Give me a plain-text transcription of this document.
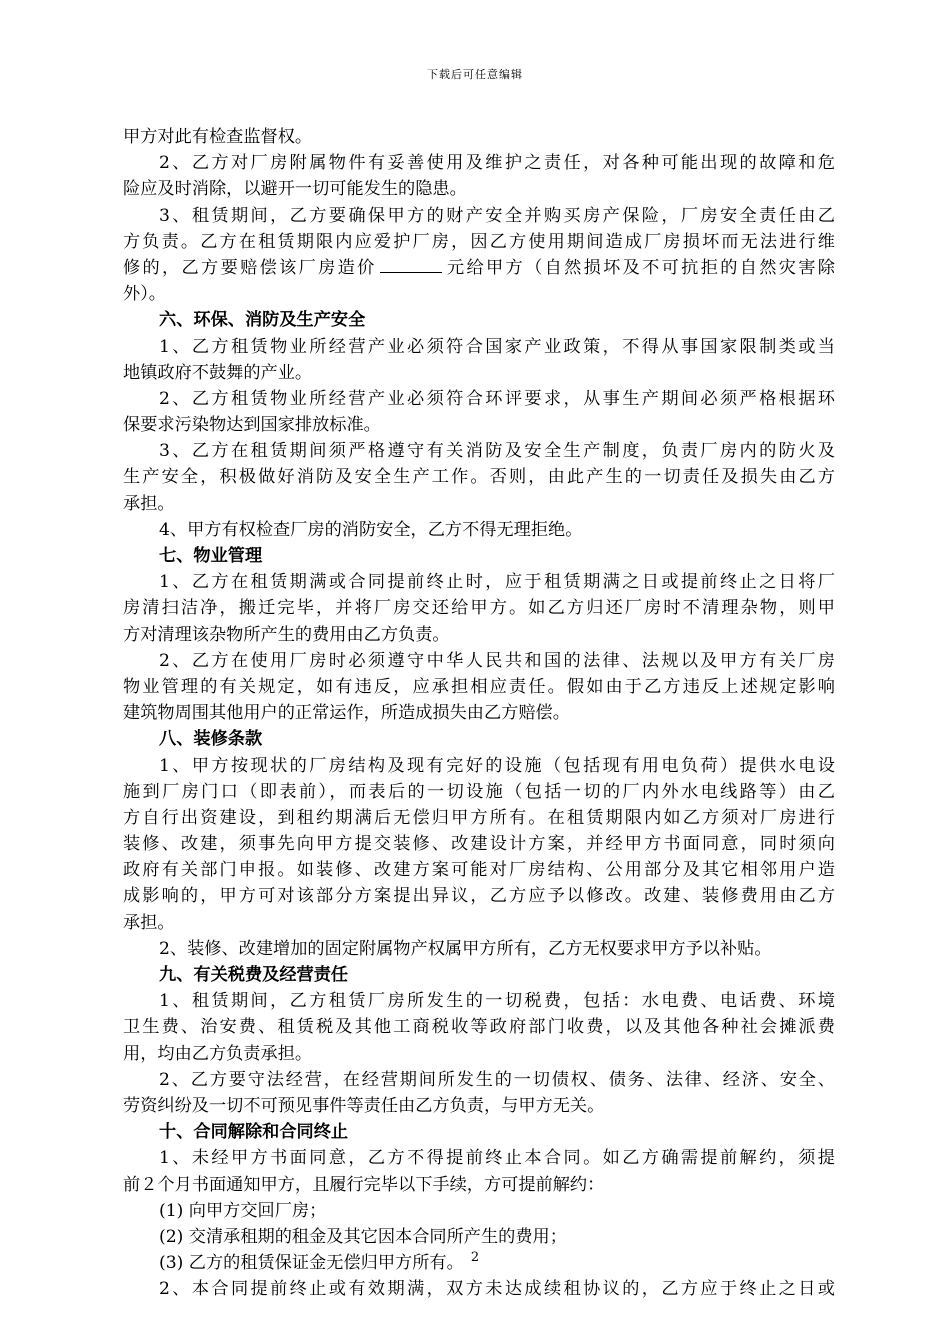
下载后可任意编辑
甲方对此有检查监督权。
2、乙方对厂房附属物件有妥善使用及维护之责任，对各种可能出现的故障和危
险应及时消除，以避开一切可能发生的隐患。
3、租赁期间，乙方要确保甲方的财产安全并购买房产保险，厂房安全责任由乙
方负责。乙方在租赁期限内应爱护厂房，因乙方使用期间造成厂房损坏而无法进行维
修的，乙方要赔偿该厂房造价	元给甲方（自然损坏及不可抗拒的自然灾害除
外）。
六、环保、消防及生产安全
1、乙方租赁物业所经营产业必须符合国家产业政策，不得从事国家限制类或当
地镇政府不鼓舞的产业。
2、乙方租赁物业所经营产业必须符合环评要求，从事生产期间必须严格根据环
保要求污染物达到国家排放标准。
3、乙方在租赁期间须严格遵守有关消防及安全生产制度，负责厂房内的防火及
生产安全，积极做好消防及安全生产工作。否则，由此产生的一切责任及损失由乙方
承担。
4、甲方有权检查厂房的消防安全，乙方不得无理拒绝。
七、物业管理
1、乙方在租赁期满或合同提前终止时，应于租赁期满之日或提前终止之日将厂
房清扫洁净，搬迁完毕，并将厂房交还给甲方。如乙方归还厂房时不清理杂物，则甲
方对清理该杂物所产生的费用由乙方负责。
2、乙方在使用厂房时必须遵守中华人民共和国的法律、法规以及甲方有关厂房
物业管理的有关规定，如有违反，应承担相应责任。假如由于乙方违反上述规定影响
建筑物周围其他用户的正常运作，所造成损失由乙方赔偿。
八、装修条款
1、甲方按现状的厂房结构及现有完好的设施（包括现有用电负荷）提供水电设
施到厂房门口（即表前），而表后的一切设施（包括一切的厂内外水电线路等）由乙
方自行出资建设，到租约期满后无偿归甲方所有。在租赁期限内如乙方须对厂房进行
装修、改建，须事先向甲方提交装修、改建设计方案，并经甲方书面同意，同时须向
政府有关部门申报。如装修、改建方案可能对厂房结构、公用部分及其它相邻用户造
成影响的，甲方可对该部分方案提出异议，乙方应予以修改。改建、装修费用由乙方
承担。
2、装修、改建增加的固定附属物产权属甲方所有，乙方无权要求甲方予以补贴。
九、有关税费及经营责任
1、租赁期间，乙方租赁厂房所发生的一切税费，包括：水电费、电话费、环境
卫生费、治安费、租赁税及其他工商税收等政府部门收费，以及其他各种社会摊派费
用，均由乙方负责承担。
2、乙方要守法经营，在经营期间所发生的一切债权、债务、法律、经济、安全、
劳资纠纷及一切不可预见事件等责任由乙方负责，与甲方无关。
十、合同解除和合同终止
1、未经甲方书面同意，乙方不得提前终止本合同。如乙方确需提前解约，须提
前２个月书面通知甲方，且履行完毕以下手续，方可提前解约：
(1) 向甲方交回厂房；
(2) 交清承租期的租金及其它因本合同所产生的费用；
(3) 乙方的租赁保证金无偿归甲方所有。
2、本合同提前终止或有效期满，双方未达成续租协议的，乙方应于终止之日或
2
